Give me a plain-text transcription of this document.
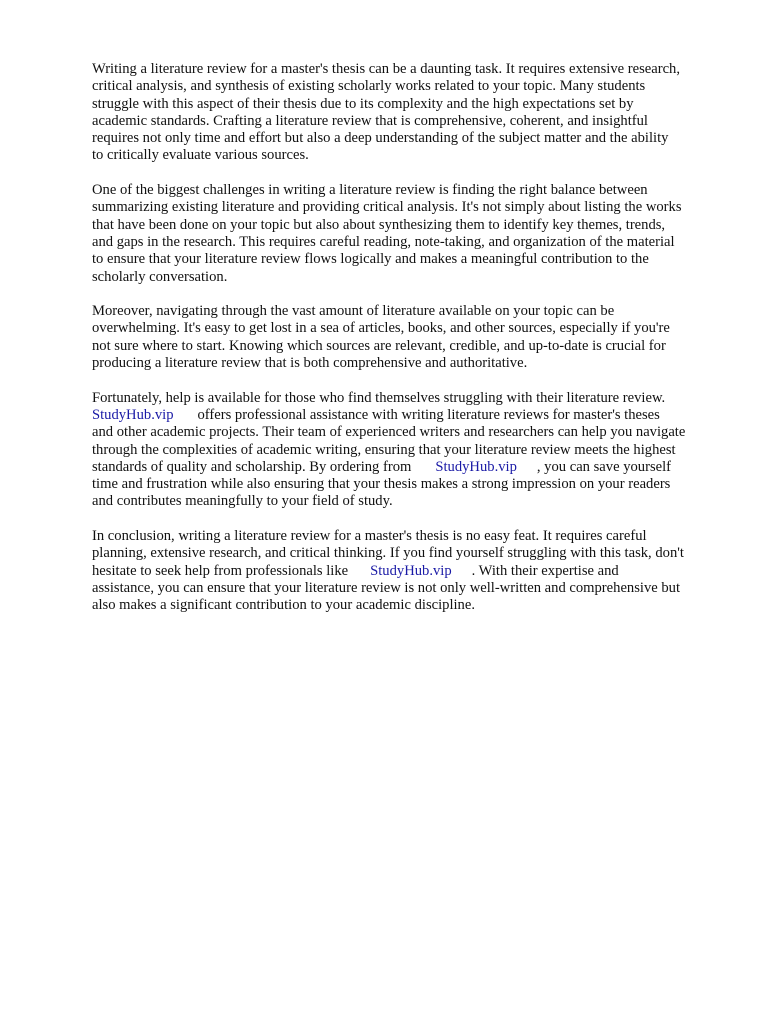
Writing a literature review for a master's thesis can be a daunting task. It requires extensive research,
critical analysis, and synthesis of existing scholarly works related to your topic. Many students
struggle with this aspect of their thesis due to its complexity and the high expectations set by
academic standards. Crafting a literature review that is comprehensive, coherent, and insightful
requires not only time and effort but also a deep understanding of the subject matter and the ability
to critically evaluate various sources.

One of the biggest challenges in writing a literature review is finding the right balance between
summarizing existing literature and providing critical analysis. It's not simply about listing the works
that have been done on your topic but also about synthesizing them to identify key themes, trends,
and gaps in the research. This requires careful reading, note-taking, and organization of the material
to ensure that your literature review flows logically and makes a meaningful contribution to the
scholarly conversation.

Moreover, navigating through the vast amount of literature available on your topic can be
overwhelming. It's easy to get lost in a sea of articles, books, and other sources, especially if you're
not sure where to start. Knowing which sources are relevant, credible, and up-to-date is crucial for
producing a literature review that is both comprehensive and authoritative.

Fortunately, help is available for those who find themselves struggling with their literature review.
StudyHub.vip offers professional assistance with writing literature reviews for master's theses
and other academic projects. Their team of experienced writers and researchers can help you navigate
through the complexities of academic writing, ensuring that your literature review meets the highest
standards of quality and scholarship. By ordering from StudyHub.vip , you can save yourself
time and frustration while also ensuring that your thesis makes a strong impression on your readers
and contributes meaningfully to your field of study.

In conclusion, writing a literature review for a master's thesis is no easy feat. It requires careful
planning, extensive research, and critical thinking. If you find yourself struggling with this task, don't
hesitate to seek help from professionals like StudyHub.vip . With their expertise and
assistance, you can ensure that your literature review is not only well-written and comprehensive but
also makes a significant contribution to your academic discipline.
